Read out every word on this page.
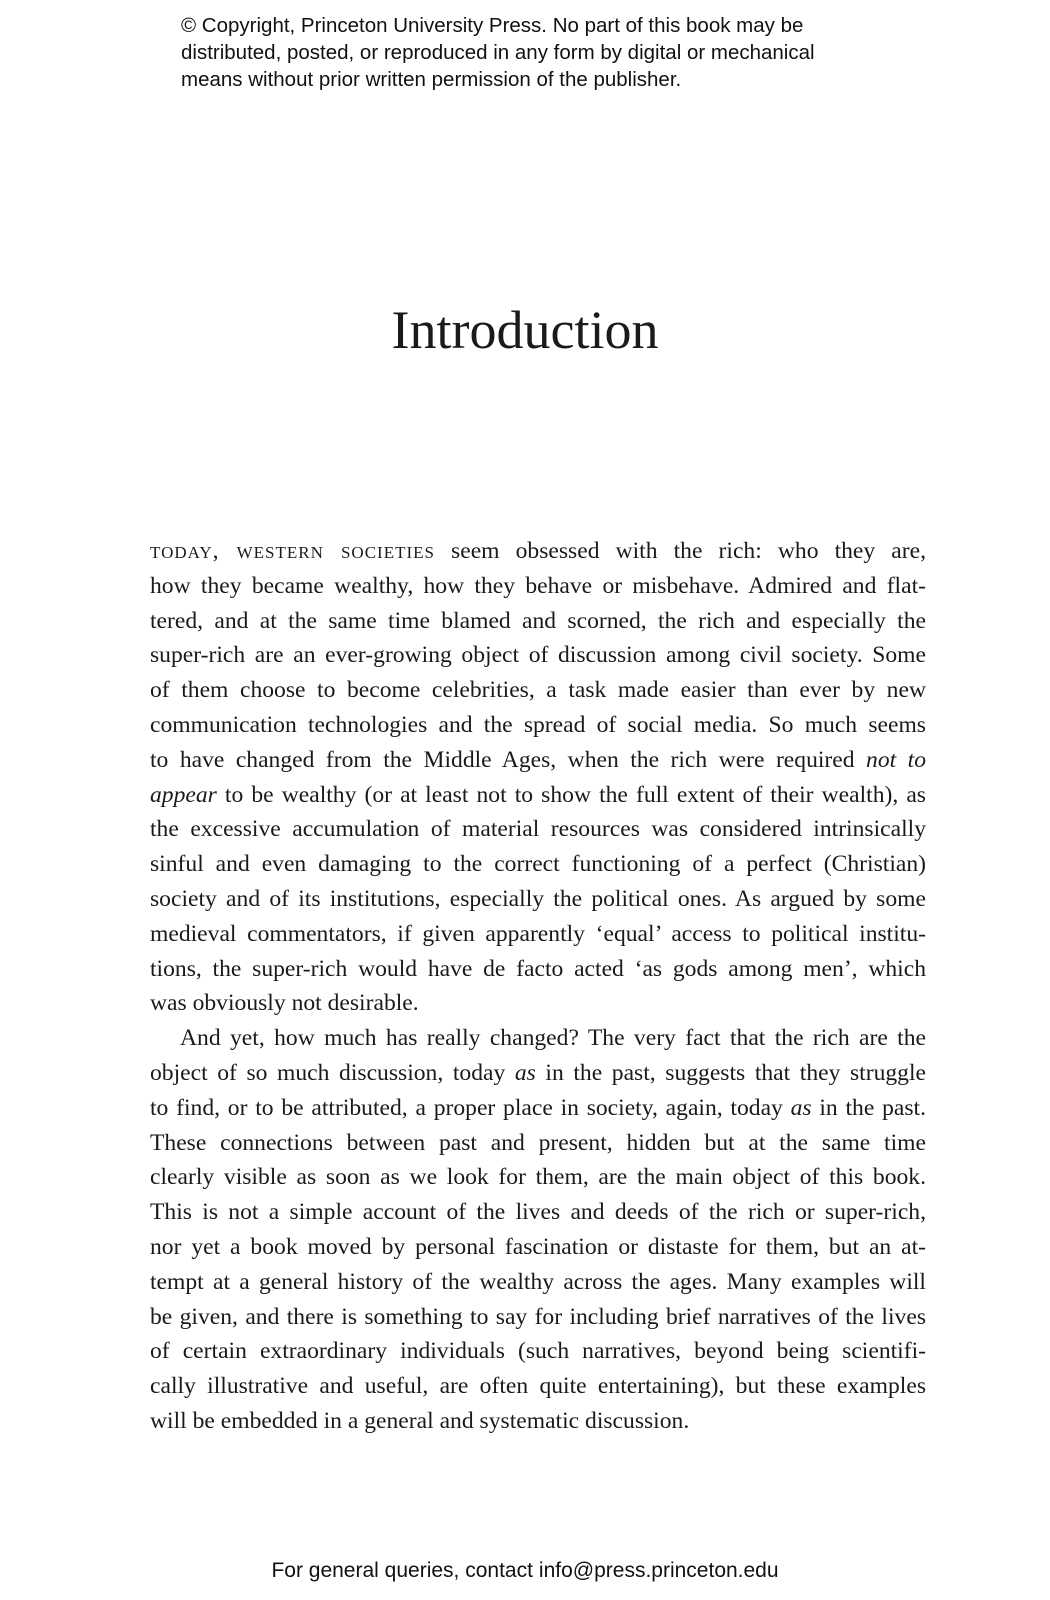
© Copyright, Princeton University Press. No part of this book may be
distributed, posted, or reproduced in any form by digital or mechanical
means without prior written permission of the publisher.
Introduction
today, western societies seem obsessed with the rich: who they are,
how they became wealthy, how they behave or misbehave. Admired and flat-
tered, and at the same time blamed and scorned, the rich and especially the
super-rich are an ever-growing object of discussion among civil society. Some
of them choose to become celebrities, a task made easier than ever by new
communication technologies and the spread of social media. So much seems
to have changed from the Middle Ages, when the rich were required not to
appear to be wealthy (or at least not to show the full extent of their wealth), as
the excessive accumulation of material resources was considered intrinsically
sinful and even damaging to the correct functioning of a perfect (Christian)
society and of its institutions, especially the political ones. As argued by some
medieval commentators, if given apparently ‘equal’ access to political institu-
tions, the super-rich would have de facto acted ‘as gods among men’, which
was obviously not desirable.
And yet, how much has really changed? The very fact that the rich are the
object of so much discussion, today as in the past, suggests that they struggle
to find, or to be attributed, a proper place in society, again, today as in the past.
These connections between past and present, hidden but at the same time
clearly visible as soon as we look for them, are the main object of this book.
This is not a simple account of the lives and deeds of the rich or super-rich,
nor yet a book moved by personal fascination or distaste for them, but an at-
tempt at a general history of the wealthy across the ages. Many examples will
be given, and there is something to say for including brief narratives of the lives
of certain extraordinary individuals (such narratives, beyond being scientifi-
cally illustrative and useful, are often quite entertaining), but these examples
will be embedded in a general and systematic discussion.
For general queries, contact info@press.princeton.edu
